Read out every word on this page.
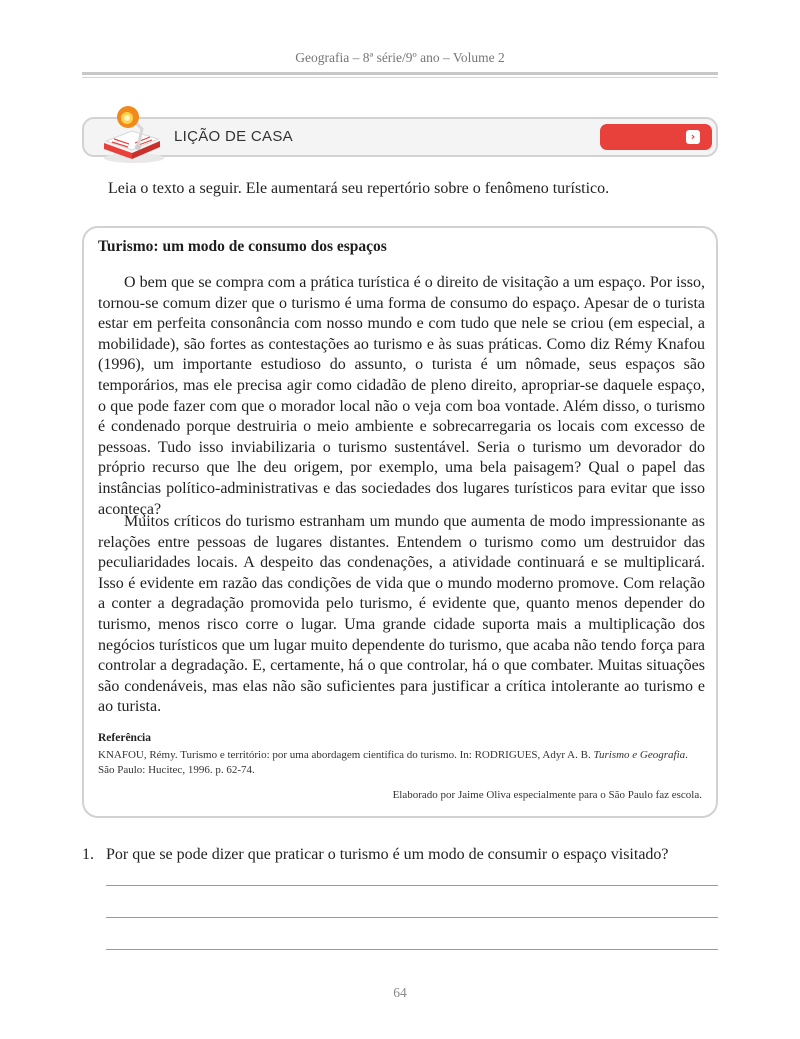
Geografia – 8ª série/9º ano – Volume 2
LIÇÃO DE CASA	›
Leia o texto a seguir. Ele aumentará seu repertório sobre o fenômeno turístico.
Turismo: um modo de consumo dos espaços

O bem que se compra com a prática turística é o direito de visitação a um espaço. Por isso, tornou-se comum dizer que o turismo é uma forma de consumo do espaço. Apesar de o turista estar em perfeita consonância com nosso mundo e com tudo que nele se criou (em especial, a mobilidade), são fortes as contestações ao turismo e às suas práticas. Como diz Rémy Knafou (1996), um importante estudioso do assunto, o turista é um nômade, seus espaços são temporários, mas ele precisa agir como cidadão de pleno direito, apropriar-se daquele espaço, o que pode fazer com que o morador local não o veja com boa vontade. Além disso, o turismo é condenado porque destruiria o meio ambiente e sobrecarregaria os locais com excesso de pessoas. Tudo isso inviabilizaria o turismo sustentável. Seria o turismo um devorador do próprio recurso que lhe deu origem, por exemplo, uma bela paisagem? Qual o papel das instâncias político-administrativas e das sociedades dos lugares turísticos para evitar que isso aconteça?

Muitos críticos do turismo estranham um mundo que aumenta de modo impressionante as relações entre pessoas de lugares distantes. Entendem o turismo como um destruidor das peculiaridades locais. A despeito das condenações, a atividade continuará e se multiplicará. Isso é evidente em razão das condições de vida que o mundo moderno promove. Com relação a conter a degradação promovida pelo turismo, é evidente que, quanto menos depender do turismo, menos risco corre o lugar. Uma grande cidade suporta mais a multiplicação dos negócios turísticos que um lugar muito dependente do turismo, que acaba não tendo força para controlar a degradação. E, certamente, há o que controlar, há o que combater. Muitas situações são condenáveis, mas elas não são suficientes para justificar a crítica intolerante ao turismo e ao turista.

Referência
KNAFOU, Rémy. Turismo e território: por uma abordagem científica do turismo. In: RODRIGUES, Adyr A. B. Turismo e Geografia. São Paulo: Hucitec, 1996. p. 62-74.
Elaborado por Jaime Oliva especialmente para o São Paulo faz escola.
1. Por que se pode dizer que praticar o turismo é um modo de consumir o espaço visitado?
64
